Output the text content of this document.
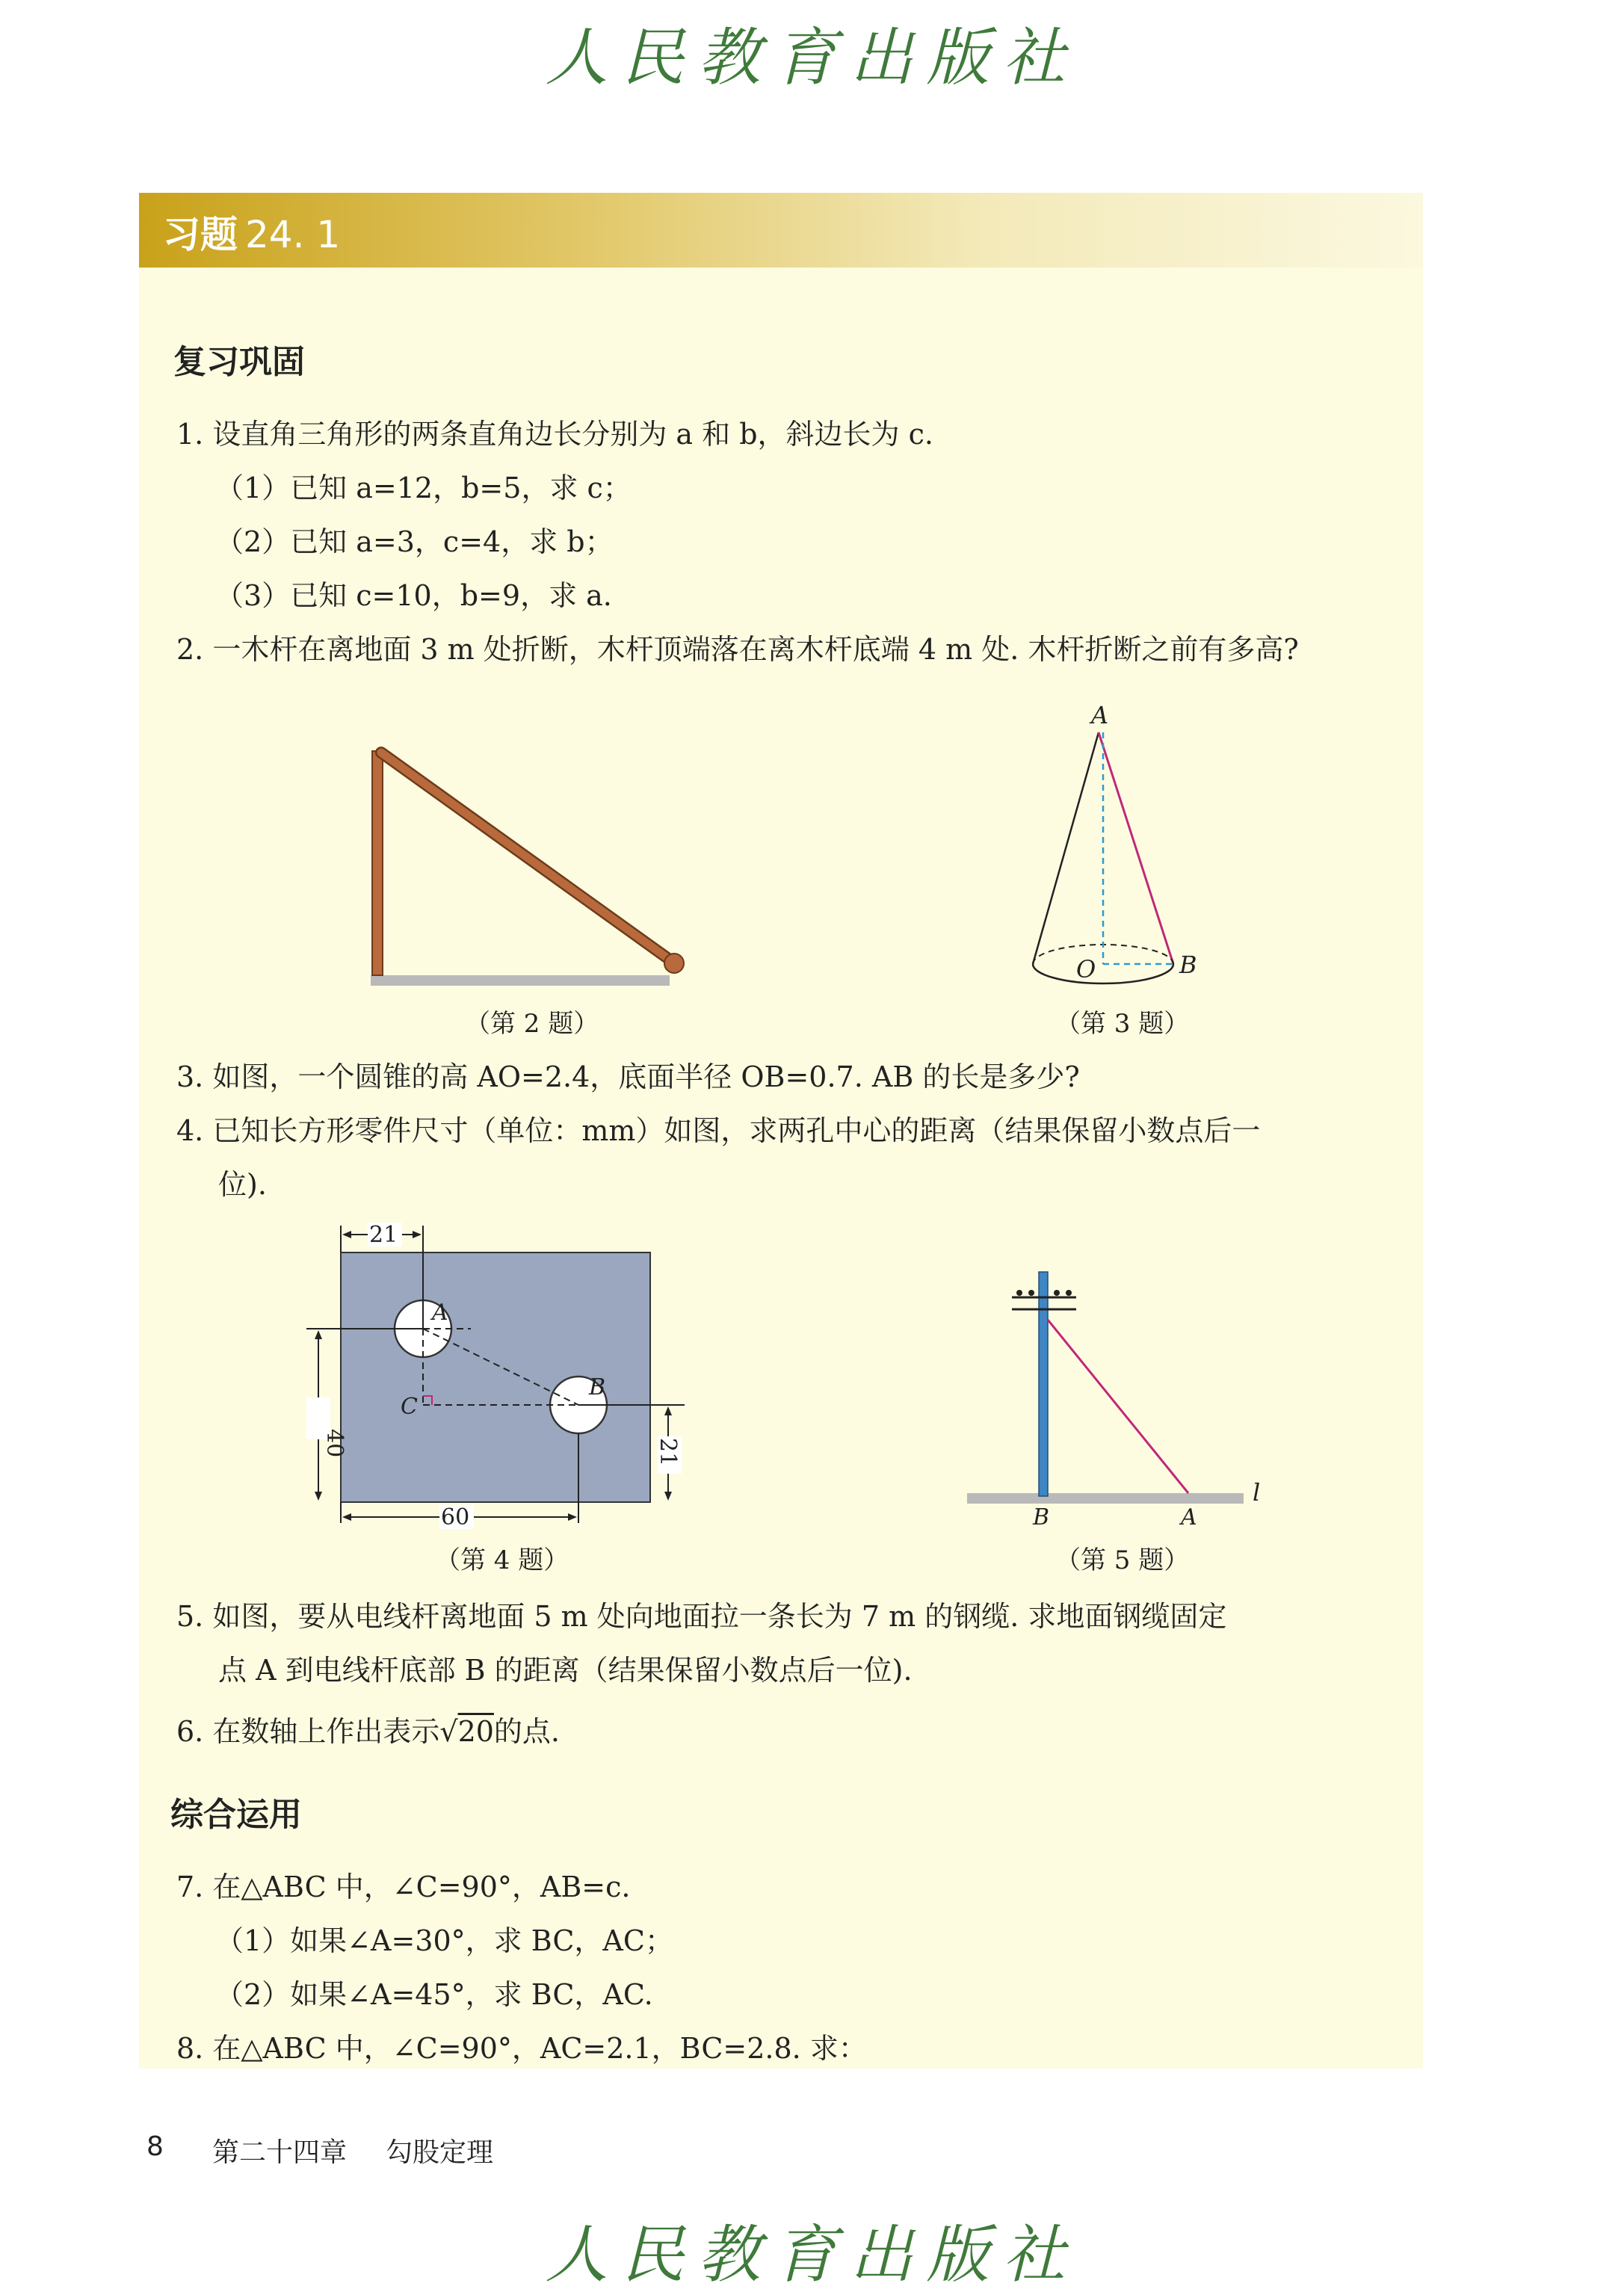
人民教育出版社
习题 24. 1
复习巩固
1. 设直角三角形的两条直角边长分别为 a 和 b，斜边长为 c.
（1）已知 a=12，b=5，求 c；
（2）已知 a=3，c=4，求 b；
（3）已知 c=10，b=9，求 a.
2. 一木杆在离地面 3 m 处折断，木杆顶端落在离木杆底端 4 m 处. 木杆折断之前有多高?
（第 2 题）
A
O	B
（第 3 题）
3. 如图，一个圆锥的高 AO=2.4，底面半径 OB=0.7. AB 的长是多少?
4. 已知长方形零件尺寸（单位：mm）如图，求两孔中心的距离（结果保留小数点后一
位).
21
40
60
21
A
B
C
（第 4 题）
B	A
l
（第 5 题）
5. 如图，要从电线杆离地面 5 m 处向地面拉一条长为 7 m 的钢缆. 求地面钢缆固定
点 A 到电线杆底部 B 的距离（结果保留小数点后一位).
6. 在数轴上作出表示√20的点.
综合运用
7. 在△ABC 中，∠C=90°，AB=c.
（1）如果∠A=30°，求 BC，AC；
（2）如果∠A=45°，求 BC，AC.
8. 在△ABC 中，∠C=90°，AC=2.1，BC=2.8. 求：
8 第二十四章 勾股定理
人民教育出版社
